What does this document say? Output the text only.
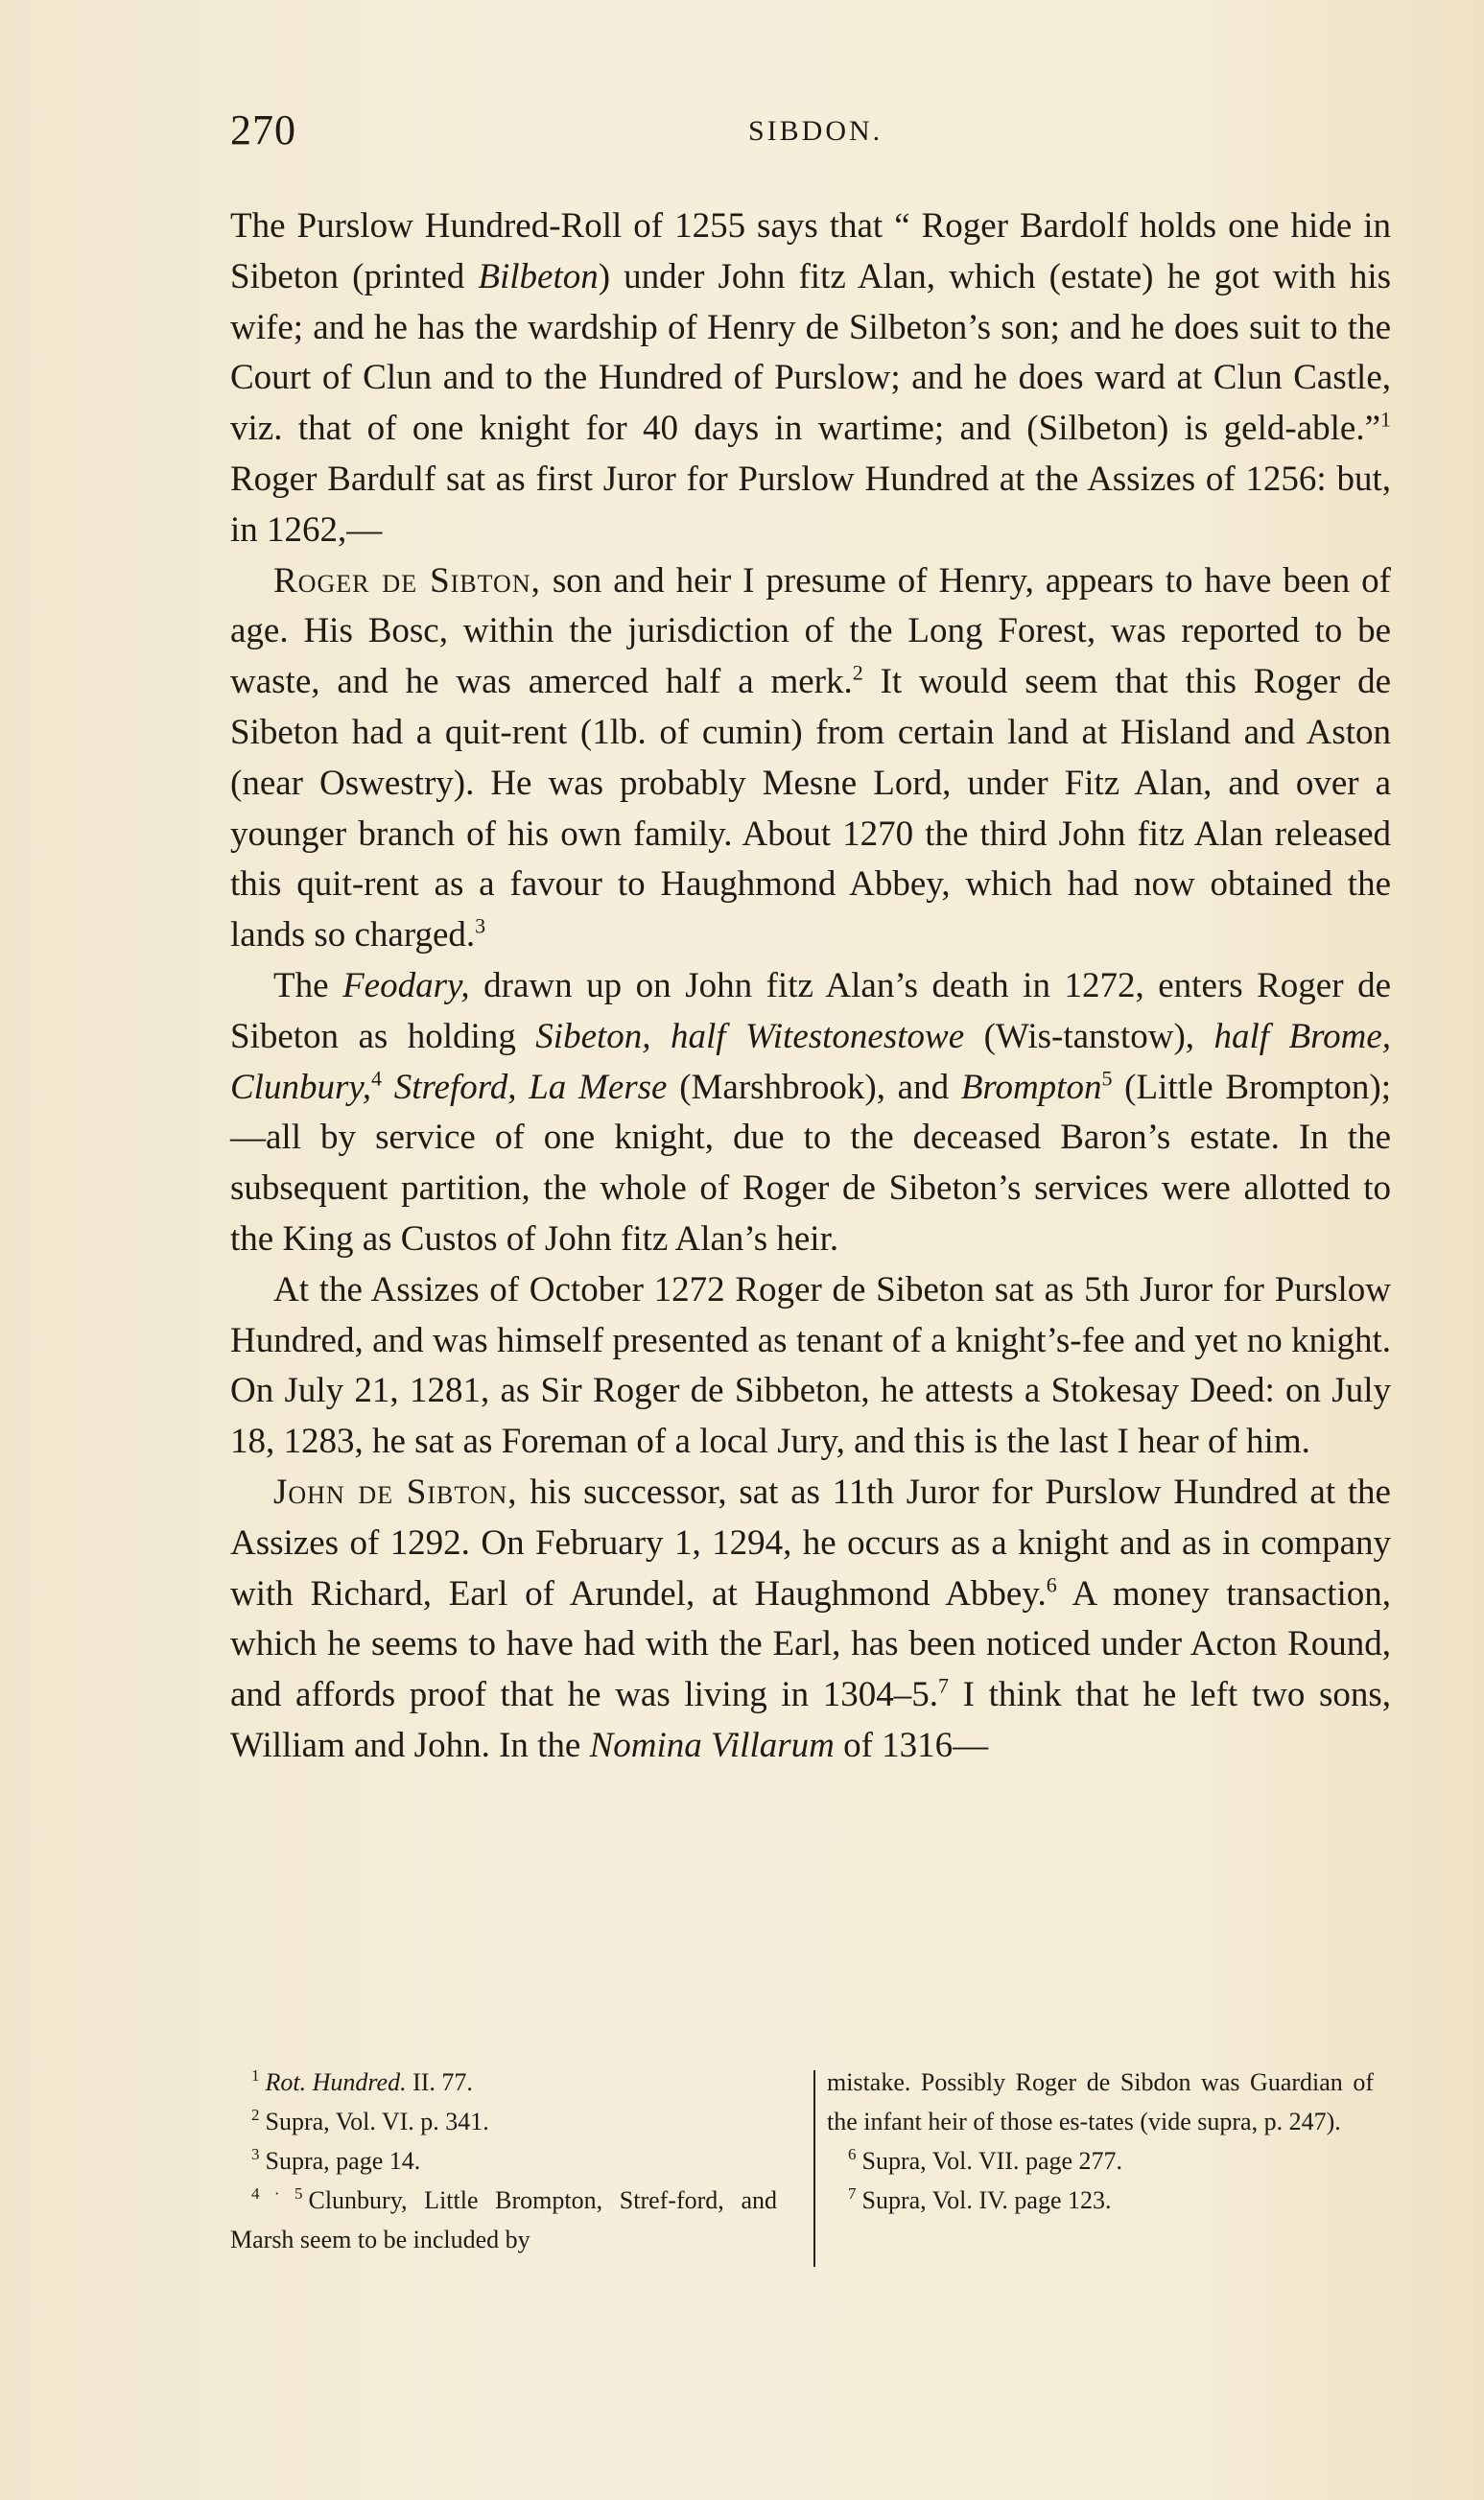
270	SIBDON.

The Purslow Hundred-Roll of 1255 says that “ Roger Bardolf holds one hide in Sibeton (printed Bilbeton) under John fitz Alan, which (estate) he got with his wife; and he has the wardship of Henry de Silbeton’s son; and he does suit to the Court of Clun and to the Hundred of Purslow; and he does ward at Clun Castle, viz. that of one knight for 40 days in wartime; and (Silbeton) is geld-able.”$^1$ Roger Bardulf sat as first Juror for Purslow Hundred at the Assizes of 1256: but, in 1262,—

Roger de Sibton, son and heir I presume of Henry, appears to have been of age. His Bosc, within the jurisdiction of the Long Forest, was reported to be waste, and he was amerced half a merk.$^2$ It would seem that this Roger de Sibeton had a quit-rent (1lb. of cumin) from certain land at Hisland and Aston (near Oswestry). He was probably Mesne Lord, under Fitz Alan, and over a younger branch of his own family. About 1270 the third John fitz Alan released this quit-rent as a favour to Haughmond Abbey, which had now obtained the lands so charged.$^3$

The Feodary, drawn up on John fitz Alan’s death in 1272, enters Roger de Sibeton as holding Sibeton, half Witestonestowe (Wis-tanstow), half Brome, Clunbury,$^4$ Streford, La Merse (Marshbrook), and Brompton$^5$ (Little Brompton);—all by service of one knight, due to the deceased Baron’s estate. In the subsequent partition, the whole of Roger de Sibeton’s services were allotted to the King as Custos of John fitz Alan’s heir.

At the Assizes of October 1272 Roger de Sibeton sat as 5th Juror for Purslow Hundred, and was himself presented as tenant of a knight’s-fee and yet no knight. On July 21, 1281, as Sir Roger de Sibbeton, he attests a Stokesay Deed: on July 18, 1283, he sat as Foreman of a local Jury, and this is the last I hear of him.

John de Sibton, his successor, sat as 11th Juror for Purslow Hundred at the Assizes of 1292. On February 1, 1294, he occurs as a knight and as in company with Richard, Earl of Arundel, at Haughmond Abbey.$^6$ A money transaction, which he seems to have had with the Earl, has been noticed under Acton Round, and affords proof that he was living in 1304–5.$^7$ I think that he left two sons, William and John. In the Nomina Villarum of 1316—

$^1$ Rot. Hundred. II. 77.

$^2$ Supra, Vol. VI. p. 341.

$^3$ Supra, page 14.

$^{4 \cdot 5}$ Clunbury, Little Brompton, Stref-ford, and Marsh seem to be included by

mistake. Possibly Roger de Sibdon was Guardian of the infant heir of those es-tates (vide supra, p. 247).

$^6$ Supra, Vol. VII. page 277.

$^7$ Supra, Vol. IV. page 123.
